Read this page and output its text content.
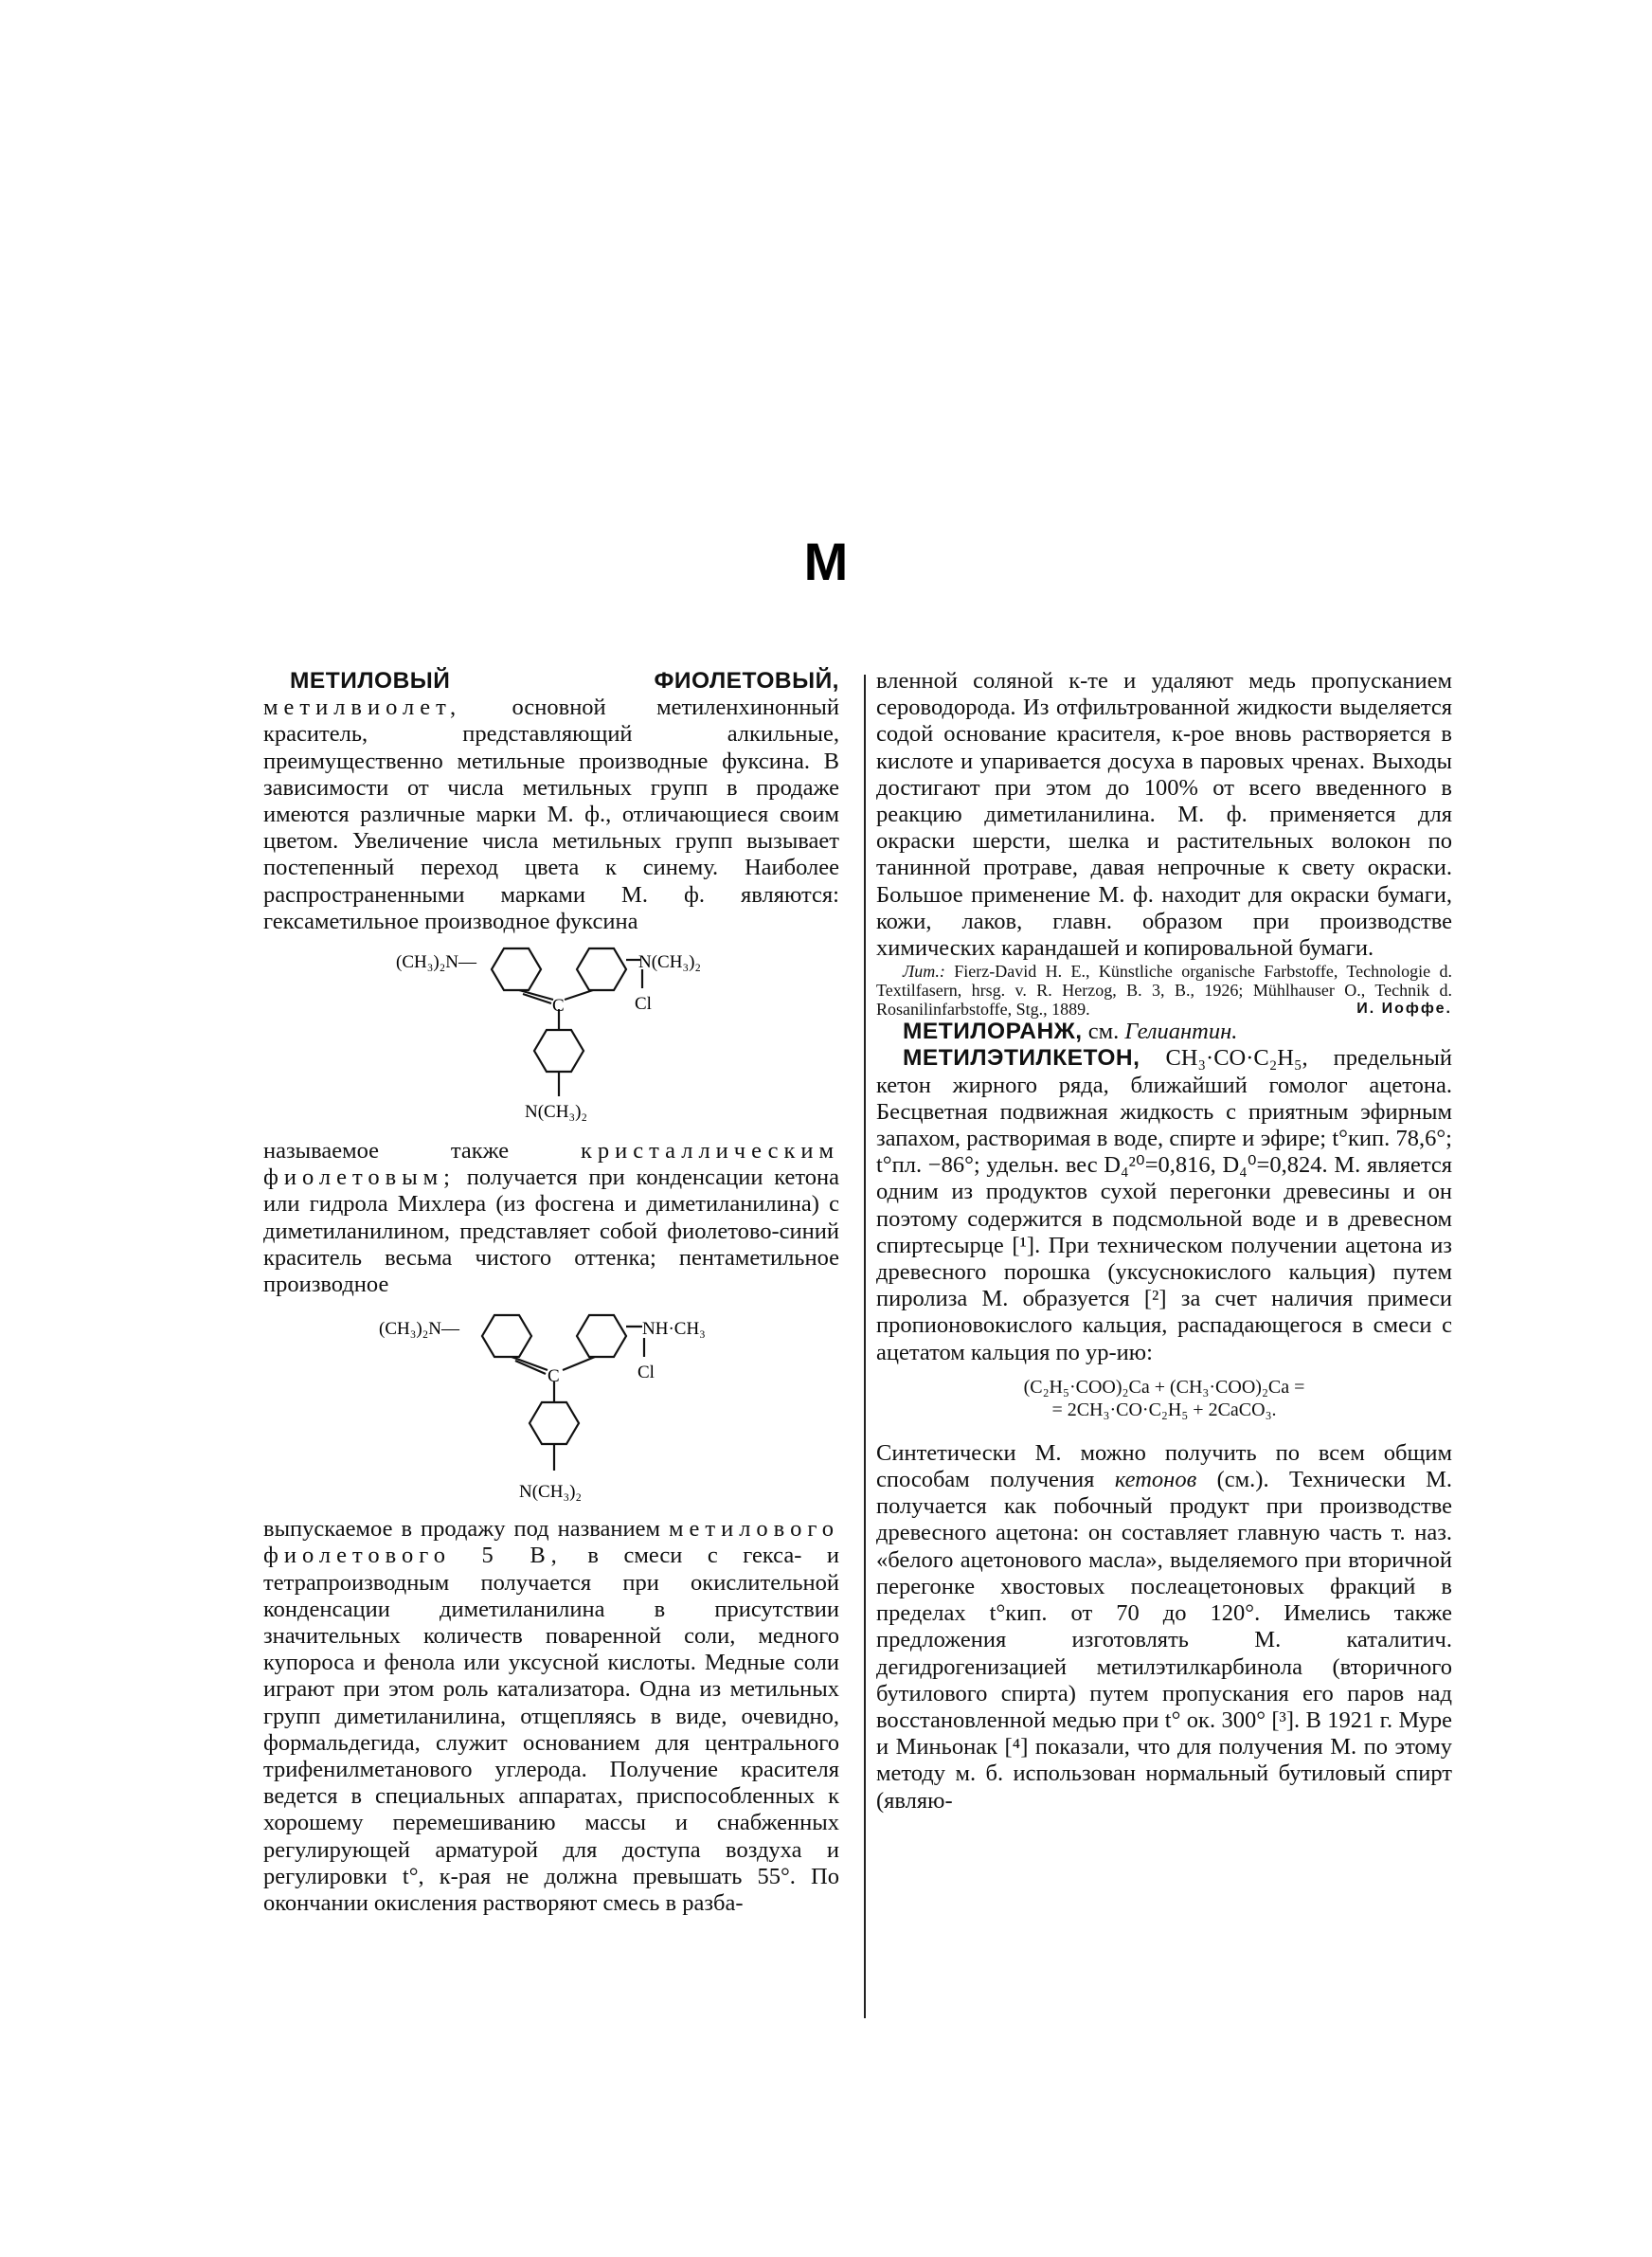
М

МЕТИЛОВЫЙ ФИОЛЕТОВЫЙ, метилвиолет, основной метиленхинонный краситель, представляющий алкильные, преимущественно метильные производные фуксина. В зависимости от числа метильных групп в продаже имеются различные марки М. ф., отличающиеся своим цветом. Увеличение числа метильных групп вызывает постепенный переход цвета к синему. Наиболее распространенными марками М. ф. являются: гексаметильное производное фуксина

(CH₃)₂N—	N(CH₃)₂
C	Cl
N(CH₃)₂

называемое также	кристаллическим фиолетовым; получается при конденсации кетона или гидрола Михлера (из фосгена и диметиланилина) с диметиланилином, представляет собой фиолетово-синий краситель весьма чистого оттенка; пентаметильное производное

(CH₃)₂N—	NH·CH₃
C	Cl
N(CH₃)₂

выпускаемое в продажу под названием метилового фиолетового 5 B, в смеси с гекса- и тетрапроизводным получается при окислительной конденсации диметиланилина в присутствии значительных количеств поваренной соли, медного купороса и фенола или уксусной кислоты. Медные соли играют при этом роль катализатора. Одна из метильных групп диметиланилина, отщепляясь в виде, очевидно, формальдегида, служит основанием для центрального трифенилметанового углерода. Получение красителя ведется в специальных аппаратах, приспособленных к хорошему перемешиванию массы и снабженных регулирующей арматурой для доступа воздуха и регулировки t°, к-рая не должна превышать 55°. По окончании окисления растворяют смесь в разба-

вленной соляной к-те и удаляют медь пропусканием сероводорода. Из отфильтрованной жидкости выделяется содой основание красителя, к-рое вновь растворяется в кислоте и упаривается досуха в паровых чренах. Выходы достигают при этом до 100% от всего введенного в реакцию диметиланилина. М. ф. применяется для окраски шерсти, шелка и растительных волокон по танинной протраве, давая непрочные к свету окраски. Большое применение М. ф. находит для окраски бумаги, кожи, лаков, главн. образом при производстве химических карандашей и копировальной бумаги.

Лит.: Fierz-David H. E., Künstliche organische Farbstoffe, Technologie d. Textilfasern, hrsg. v. R. Herzog, B. 3, B., 1926; Mühlhauser O., Technik d. Rosanilinfarbstoffe, Stg., 1889.	И. Иоффе.

МЕТИЛОРАНЖ, см. Гелиантин.

МЕТИЛЭТИЛКЕТОН, CH₃·CO·C₂H₅, предельный кетон жирного ряда, ближайший гомолог ацетона. Бесцветная подвижная жидкость с приятным эфирным запахом, растворимая в воде, спирте и эфире; t°кип. 78,6°; t°пл. −86°; удельн. вес D₄²⁰=0,816, D₄⁰=0,824. М. является одним из продуктов сухой перегонки древесины и он поэтому содержится в подсмольной воде и в древесном спиртесырце [¹]. При техническом получении ацетона из древесного порошка (уксуснокислого кальция) путем пиролиза М. образуется [²] за счет наличия примеси пропионовокислого кальция, распадающегося в смеси с ацетатом кальция по ур-ию:

(C₂H₅·COO)₂Ca + (CH₃·COO)₂Ca =
= 2CH₃·CO·C₂H₅ + 2CaCO₃.

Синтетически М. можно получить по всем общим способам получения кетонов (см.). Технически М. получается как побочный продукт при производстве древесного ацетона: он составляет главную часть т. наз. «белого ацетонового масла», выделяемого при вторичной перегонке хвостовых послеацетоновых фракций в пределах t°кип. от 70 до 120°. Имелись также предложения изготовлять М. каталитич. дегидрогенизацией метилэтилкарбинола (вторичного бутилового спирта) путем пропускания его паров над восстановленной медью при t° ок. 300° [³]. В 1921 г. Муре и Миньонак [⁴] показали, что для получения М. по этому методу м. б. использован нормальный бутиловый спирт (являю-
